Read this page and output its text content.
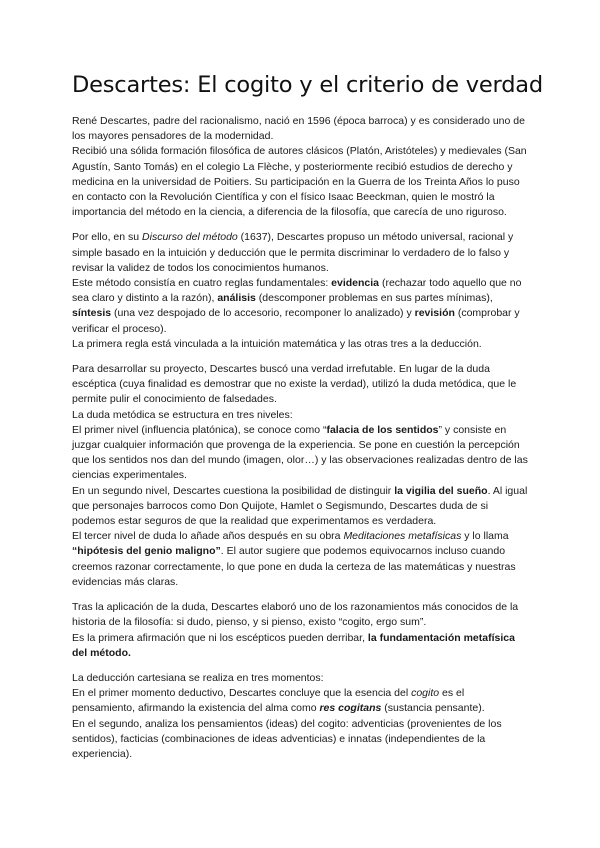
Descartes: El cogito y el criterio de verdad
René Descartes, padre del racionalismo, nació en 1596 (época barroca) y es considerado uno de los mayores pensadores de la modernidad.
Recibió una sólida formación filosófica de autores clásicos (Platón, Aristóteles) y medievales (San Agustín, Santo Tomás) en el colegio La Flèche, y posteriormente recibió estudios de derecho y medicina en la universidad de Poitiers. Su participación en la Guerra de los Treinta Años lo puso en contacto con la Revolución Científica y con el físico Isaac Beeckman, quien le mostró la importancia del método en la ciencia, a diferencia de la filosofía, que carecía de uno riguroso.
Por ello, en su Discurso del método (1637), Descartes propuso un método universal, racional y simple basado en la intuición y deducción que le permita discriminar lo verdadero de lo falso y revisar la validez de todos los conocimientos humanos.
Este método consistía en cuatro reglas fundamentales: evidencia (rechazar todo aquello que no sea claro y distinto a la razón), análisis (descomponer problemas en sus partes mínimas), síntesis (una vez despojado de lo accesorio, recomponer lo analizado) y revisión (comprobar y verificar el proceso).
La primera regla está vinculada a la intuición matemática y las otras tres a la deducción.
Para desarrollar su proyecto, Descartes buscó una verdad irrefutable. En lugar de la duda escéptica (cuya finalidad es demostrar que no existe la verdad), utilizó la duda metódica, que le permite pulir el conocimiento de falsedades.
La duda metódica se estructura en tres niveles:
El primer nivel (influencia platónica), se conoce como “falacia de los sentidos” y consiste en juzgar cualquier información que provenga de la experiencia. Se pone en cuestión la percepción que los sentidos nos dan del mundo (imagen, olor…) y las observaciones realizadas dentro de las ciencias experimentales.
En un segundo nivel, Descartes cuestiona la posibilidad de distinguir la vigilia del sueño. Al igual que personajes barrocos como Don Quijote, Hamlet o Segismundo, Descartes duda de si podemos estar seguros de que la realidad que experimentamos es verdadera.
El tercer nivel de duda lo añade años después en su obra Meditaciones metafísicas y lo llama “hipótesis del genio maligno”. El autor sugiere que podemos equivocarnos incluso cuando creemos razonar correctamente, lo que pone en duda la certeza de las matemáticas y nuestras evidencias más claras.
Tras la aplicación de la duda, Descartes elaboró uno de los razonamientos más conocidos de la historia de la filosofía: si dudo, pienso, y si pienso, existo “cogito, ergo sum”.
Es la primera afirmación que ni los escépticos pueden derribar, la fundamentación metafísica del método.
La deducción cartesiana se realiza en tres momentos:
En el primer momento deductivo, Descartes concluye que la esencia del cogito es el pensamiento, afirmando la existencia del alma como res cogitans (sustancia pensante).
En el segundo, analiza los pensamientos (ideas) del cogito: adventicias (provenientes de los sentidos), facticias (combinaciones de ideas adventicias) e innatas (independientes de la experiencia).
